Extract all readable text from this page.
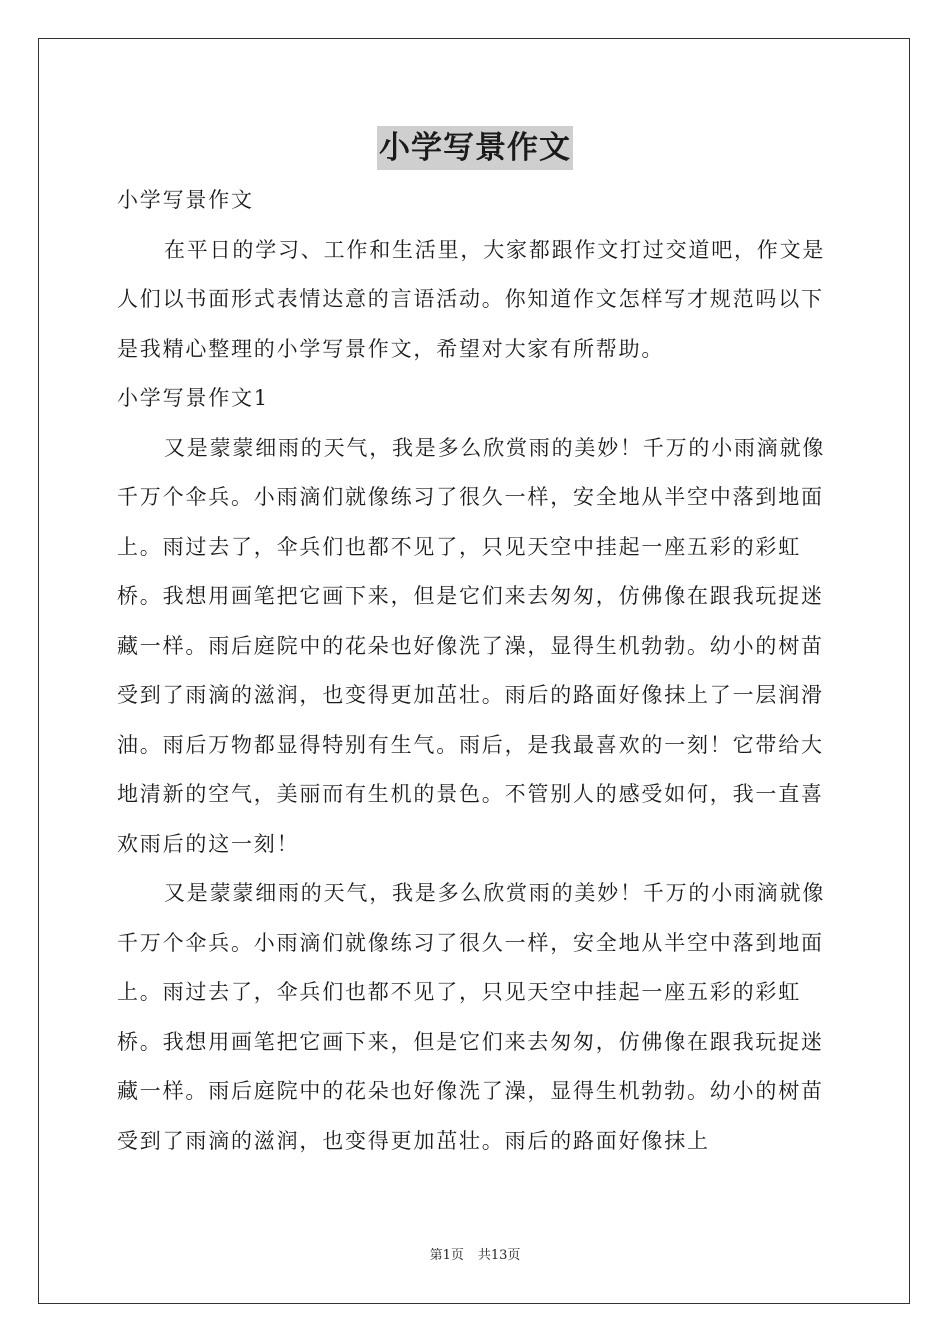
小学写景作文

小学写景作文

在平日的学习、工作和生活里，大家都跟作文打过交道吧，作文是人们以书面形式表情达意的言语活动。你知道作文怎样写才规范吗以下是我精心整理的小学写景作文，希望对大家有所帮助。

小学写景作文1

又是蒙蒙细雨的天气，我是多么欣赏雨的美妙！千万的小雨滴就像千万个伞兵。小雨滴们就像练习了很久一样，安全地从半空中落到地面上。雨过去了，伞兵们也都不见了，只见天空中挂起一座五彩的彩虹桥。我想用画笔把它画下来，但是它们来去匆匆，仿佛像在跟我玩捉迷藏一样。雨后庭院中的花朵也好像洗了澡，显得生机勃勃。幼小的树苗受到了雨滴的滋润，也变得更加茁壮。雨后的路面好像抹上了一层润滑油。雨后万物都显得特别有生气。雨后，是我最喜欢的一刻！它带给大地清新的空气，美丽而有生机的景色。不管别人的感受如何，我一直喜欢雨后的这一刻！

又是蒙蒙细雨的天气，我是多么欣赏雨的美妙！千万的小雨滴就像千万个伞兵。小雨滴们就像练习了很久一样，安全地从半空中落到地面上。雨过去了，伞兵们也都不见了，只见天空中挂起一座五彩的彩虹桥。我想用画笔把它画下来，但是它们来去匆匆，仿佛像在跟我玩捉迷藏一样。雨后庭院中的花朵也好像洗了澡，显得生机勃勃。幼小的树苗受到了雨滴的滋润，也变得更加茁壮。雨后的路面好像抹上

第1页 共13页
